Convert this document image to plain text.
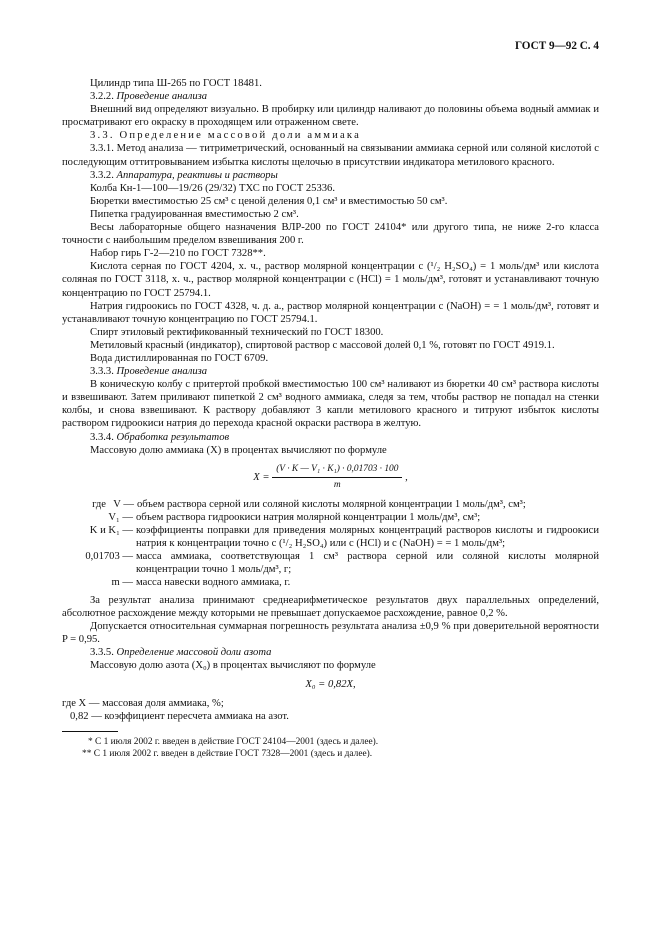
ГОСТ 9—92 С. 4

Цилиндр типа Ш-265 по ГОСТ 18481.

3.2.2. Проведение анализа

Внешний вид определяют визуально. В пробирку или цилиндр наливают до половины объема водный аммиак и просматривают его окраску в проходящем или отраженном свете.

3.3. Определение массовой доли аммиака

3.3.1. Метод анализа — титриметрический, основанный на связывании аммиака серной или соляной кислотой с последующим оттитровыванием избытка кислоты щелочью в присутствии индикатора метилового красного.

3.3.2. Аппаратура, реактивы и растворы

Колба Кн-1—100—19/26 (29/32) ТХС по ГОСТ 25336.

Бюретки вместимостью 25 см³ с ценой деления 0,1 см³ и вместимостью 50 см³.

Пипетка градуированная вместимостью 2 см³.

Весы лабораторные общего назначения ВЛР-200 по ГОСТ 24104* или другого типа, не ниже 2-го класса точности с наибольшим пределом взвешивания 200 г.

Набор гирь Г-2—210 по ГОСТ 7328**.

Кислота серная по ГОСТ 4204, х. ч., раствор молярной концентрации c (¹/₂ H₂SO₄) = 1 моль/дм³ или кислота соляная по ГОСТ 3118, х. ч., раствор молярной концентрации c (HCl) = 1 моль/дм³, готовят и устанавливают точную концентрацию по ГОСТ 25794.1.

Натрия гидроокись по ГОСТ 4328, ч. д. а., раствор молярной концентрации c (NaOH) = = 1 моль/дм³, готовят и устанавливают точную концентрацию по ГОСТ 25794.1.

Спирт этиловый ректификованный технический по ГОСТ 18300.

Метиловый красный (индикатор), спиртовой раствор с массовой долей 0,1 %, готовят по ГОСТ 4919.1.

Вода дистиллированная по ГОСТ 6709.

3.3.3. Проведение анализа

В коническую колбу с притертой пробкой вместимостью 100 см³ наливают из бюретки 40 см³ раствора кислоты и взвешивают. Затем приливают пипеткой 2 см³ водного аммиака, следя за тем, чтобы раствор не попадал на стенки колбы, и снова взвешивают. К раствору добавляют 3 капли метилового красного и титруют избыток кислоты раствором гидроокиси натрия до перехода красной окраски раствора в желтую.

3.3.4. Обработка результатов

Массовую долю аммиака (X) в процентах вычисляют по формуле

$X = \frac{\text{(V · K — V₁ · K₁) · 0,01703 · 100}}{m}$ ,
где V — объем раствора серной или соляной кислоты молярной концентрации 1 моль/дм³, см³;
V₁ — объем раствора гидроокиси натрия молярной концентрации 1 моль/дм³, см³;
K и K₁ — коэффициенты поправки для приведения молярных концентраций растворов кислоты и гидроокиси натрия к концентрации точно c (¹/₂ H₂SO₄) или c (HCl) и c (NaOH) = = 1 моль/дм³;
0,01703 — масса аммиака, соответствующая 1 см³ раствора серной или соляной кислоты молярной концентрации точно 1 моль/дм³, г;
m — масса навески водного аммиака, г.

За результат анализа принимают среднеарифметическое результатов двух параллельных определений, абсолютное расхождение между которыми не превышает допускаемое расхождение, равное 0,2 %.

Допускается относительная суммарная погрешность результата анализа ±0,9 % при доверительной вероятности P = 0,95.

3.3.5. Определение массовой доли азота

Массовую долю азота (X₀) в процентах вычисляют по формуле

X₀ = 0,82X,

где X — массовая доля аммиака, %;

0,82 — коэффициент пересчета аммиака на азот.

* С 1 июля 2002 г. введен в действие ГОСТ 24104—2001 (здесь и далее).

** С 1 июля 2002 г. введен в действие ГОСТ 7328—2001 (здесь и далее).
